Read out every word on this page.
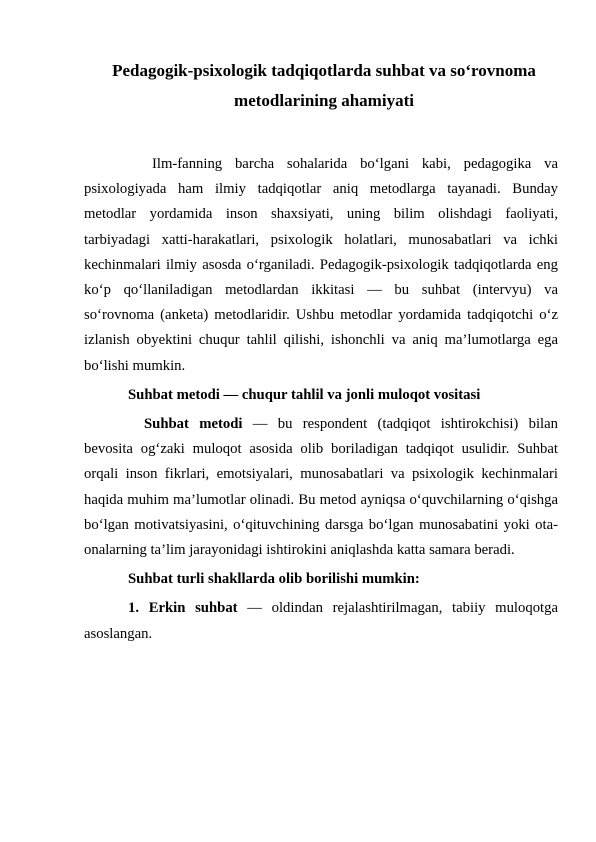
Pedagogik-psixologik tadqiqotlarda suhbat va so‘rovnoma
metodlarining ahamiyati

Ilm-fanning barcha sohalarida bo‘lgani kabi, pedagogika va psixologiyada ham ilmiy tadqiqotlar aniq metodlarga tayanadi. Bunday metodlar yordamida inson shaxsiyati, uning bilim olishdagi faoliyati, tarbiyadagi xatti-harakatlari, psixologik holatlari, munosabatlari va ichki kechinmalari ilmiy asosda o‘rganiladi. Pedagogik-psixologik tadqiqotlarda eng ko‘p qo‘llaniladigan metodlardan ikkitasi — bu suhbat (intervyu) va so‘rovnoma (anketa) metodlaridir. Ushbu metodlar yordamida tadqiqotchi o‘z izlanish obyektini chuqur tahlil qilishi, ishonchli va aniq ma’lumotlarga ega bo‘lishi mumkin.

Suhbat metodi — chuqur tahlil va jonli muloqot vositasi

Suhbat metodi — bu respondent (tadqiqot ishtirokchisi) bilan bevosita og‘zaki muloqot asosida olib boriladigan tadqiqot usulidir. Suhbat orqali inson fikrlari, emotsiyalari, munosabatlari va psixologik kechinmalari haqida muhim ma’lumotlar olinadi. Bu metod ayniqsa o‘quvchilarning o‘qishga bo‘lgan motivatsiyasini, o‘qituvchining darsga bo‘lgan munosabatini yoki ota-onalarning ta’lim jarayonidagi ishtirokini aniqlashda katta samara beradi.

Suhbat turli shakllarda olib borilishi mumkin:

1. Erkin suhbat — oldindan rejalashtirilmagan, tabiiy muloqotga asoslangan.
